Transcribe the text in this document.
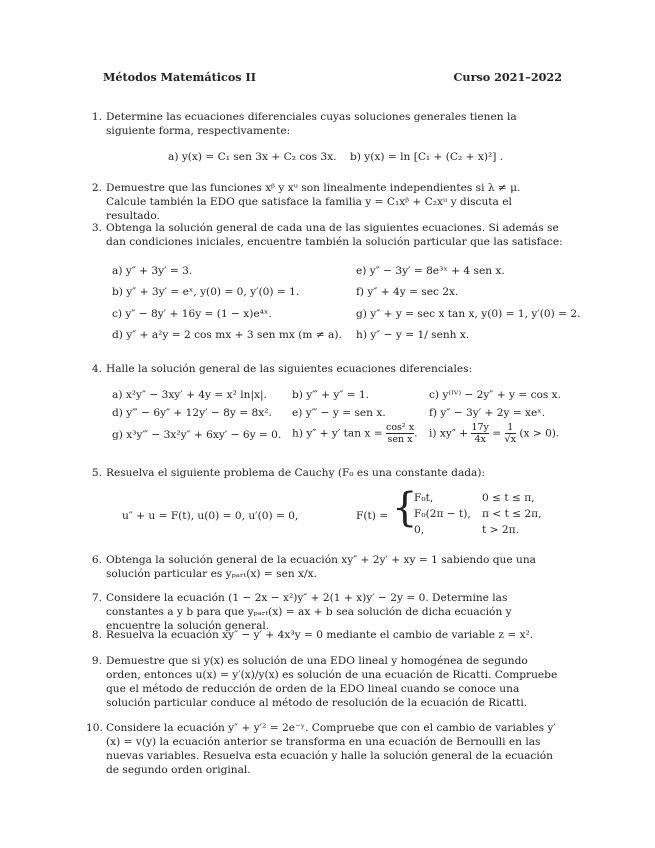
Métodos Matemáticos II	Curso 2021–2022
1. Determine las ecuaciones diferenciales cuyas soluciones generales tienen la siguiente forma, respectivamente:
a) y(x) = C₁ sen 3x + C₂ cos 3x. b) y(x) = ln [C₁ + (C₂ + x)²] .
2. Demuestre que las funciones xᵝ y xᵘ son linealmente independientes si λ ≠ μ. Calcule también la EDO que satisface la familia y = C₁xᵝ + C₂xᵘ y discuta el resultado.
3. Obtenga la solución general de cada una de las siguientes ecuaciones. Si además se dan condiciones iniciales, encuentre también la solución particular que las satisface:
a) y″ + 3y′ = 3.	e) y″ − 3y′ = 8e³ˣ + 4 sen x.
b) y″ + 3y′ = eˣ, y(0) = 0, y′(0) = 1.	f) y″ + 4y = sec 2x.
c) y″ − 8y′ + 16y = (1 − x)e⁴ˣ.	g) y″ + y = sec x tan x, y(0) = 1, y′(0) = 2.
d) y″ + a²y = 2 cos mx + 3 sen mx (m ≠ a). h) y″ − y = 1/ senh x.
4. Halle la solución general de las siguientes ecuaciones diferenciales:
a) x²y″ − 3xy′ + 4y = x² ln|x|. b) y‴ + y″ = 1.	c) y⁽ᴵⱽ⁾ − 2y″ + y = cos x.
d) y‴ − 6y″ + 12y′ − 8y = 8x². e) y‴ − y = sen x.	f) y″ − 3y′ + 2y = xeˣ.
g) x³y‴ − 3x²y″ + 6xy′ − 6y = 0. h) y″ + y′ $\tan x = \frac{\text{cos² x}}{\text{sen x}}$ . i) $xy'' + \frac{17y}{4x} = \frac{1}{√x} (x > 0)$.
5. Resuelva el siguiente problema de Cauchy (F₀ es una constante dada):
u″ + u = F(t), u(0) = 0, u′(0) = 0,	F(t) = {
F₀t,	0 ≤ t ≤ π,
F₀(2π − t), π < t ≤ 2π,
0,	t > 2π.
6. Obtenga la solución general de la ecuación xy″ + 2y′ + xy = 1 sabiendo que una solución particular es yₚₐᵣₜ(x) = sen x/x.
7. Considere la ecuación (1 − 2x − x²)y″ + 2(1 + x)y′ − 2y = 0. Determine las constantes a y b para que yₚₐᵣₜ(x) = ax + b sea solución de dicha ecuación y encuentre la solución general.
8. Resuelva la ecuación xy″ − y′ + 4x³y = 0 mediante el cambio de variable z = x².
9. Demuestre que si y(x) es solución de una EDO lineal y homogénea de segundo orden, entonces u(x) = y′(x)/y(x) es solución de una ecuación de Ricatti. Compruebe que el método de reducción de orden de la EDO lineal cuando se conoce una solución particular conduce al método de resolución de la ecuación de Ricatti.
10. Considere la ecuación y″ + y′² = 2e⁻ʸ. Compruebe que con el cambio de variables y′(x) = v(y) la ecuación anterior se transforma en una ecuación de Bernoulli en las nuevas variables. Resuelva esta ecuación y halle la solución general de la ecuación de segundo orden original.
